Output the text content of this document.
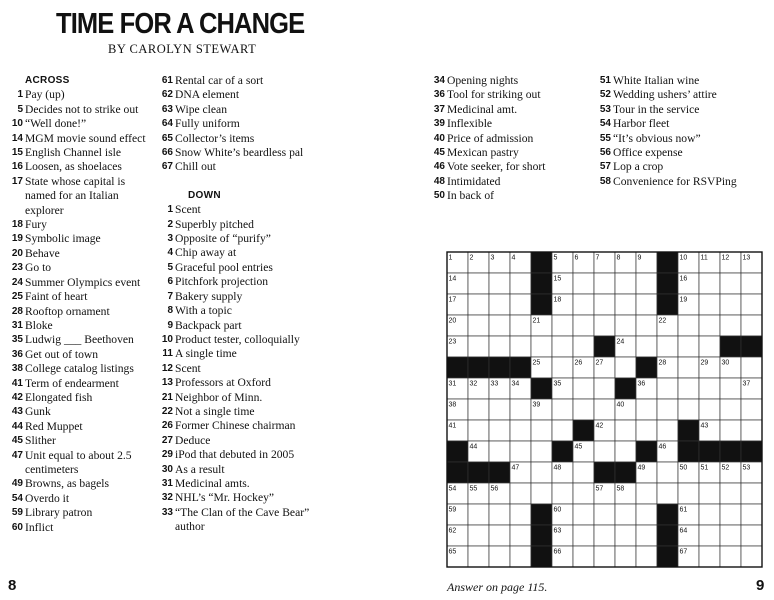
TIME FOR A CHANGE
BY CAROLYN STEWART
ACROSS
1 Pay (up)
5 Decides not to strike out
10 “Well done!”
14 MGM movie sound effect
15 English Channel isle
16 Loosen, as shoelaces
17 State whose capital is named for an Italian explorer
18 Fury
19 Symbolic image
20 Behave
23 Go to
24 Summer Olympics event
25 Faint of heart
28 Rooftop ornament
31 Bloke
35 Ludwig ___ Beethoven
36 Get out of town
38 College catalog listings
41 Term of endearment
42 Elongated fish
43 Gunk
44 Red Muppet
45 Slither
47 Unit equal to about 2.5 centimeters
49 Browns, as bagels
54 Overdo it
59 Library patron
60 Inflict
61 Rental car of a sort
62 DNA element
63 Wipe clean
64 Fully uniform
65 Collector’s items
66 Snow White’s beardless pal
67 Chill out
DOWN
1 Scent
2 Superbly pitched
3 Opposite of “purify”
4 Chip away at
5 Graceful pool entries
6 Pitchfork projection
7 Bakery supply
8 With a topic
9 Backpack part
10 Product tester, colloquially
11 A single time
12 Scent
13 Professors at Oxford
21 Neighbor of Minn.
22 Not a single time
26 Former Chinese chairman
27 Deduce
29 iPod that debuted in 2005
30 As a result
31 Medicinal amts.
32 NHL’s “Mr. Hockey”
33 “The Clan of the Cave Bear” author
34 Opening nights
36 Tool for striking out
37 Medicinal amt.
39 Inflexible
40 Price of admission
45 Mexican pastry
46 Vote seeker, for short
48 Intimidated
50 In back of
51 White Italian wine
52 Wedding ushers’ attire
53 Tour in the service
54 Harbor fleet
55 “It’s obvious now”
56 Office expense
57 Lop a crop
58 Convenience for RSVPing
1 2 3 4	5 6 7 8 9	10 11 12 13
14	15	16
17	18	19
20	21	22
23	24
25	26 27	28	29 30
31 32 33 34	35	36	37
38	39	40
41	42	43
44	45	46
47	48	49	50 51 52 53
54 55 56	57 58
59	60	61
62	63	64
65	66	67
8	Answer on page 115.	9
